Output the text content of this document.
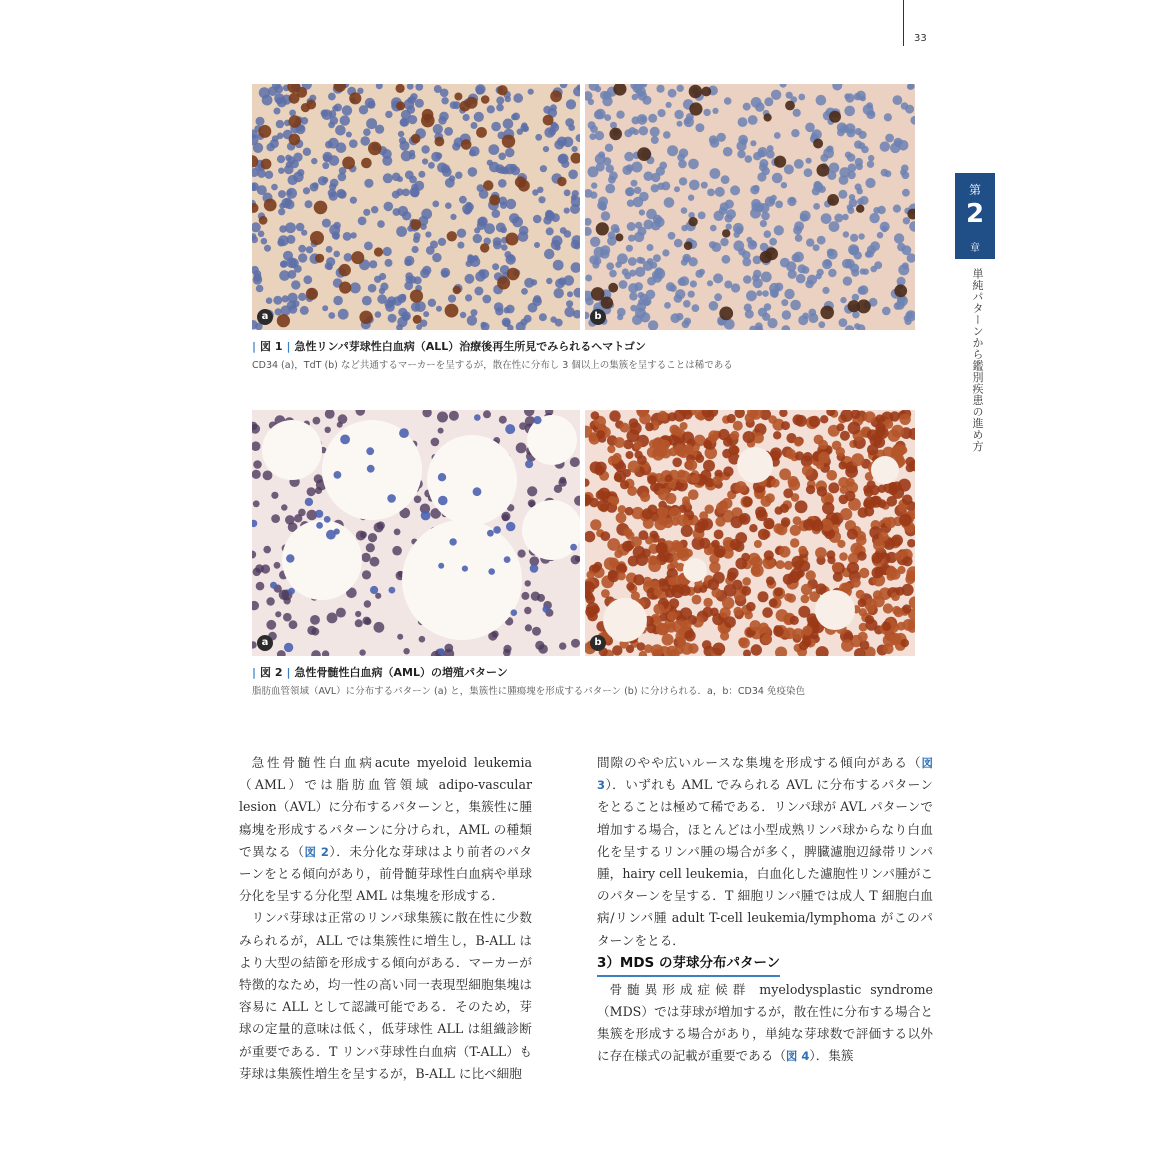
33
第
2
章
単純パターンから鑑別疾患の進め方
a	b
| 図 1 | 急性リンパ芽球性白血病（ALL）治療後再生所見でみられるヘマトゴン
CD34 (a)，TdT (b) など共通するマーカーを呈するが，散在性に分布し 3 個以上の集簇を呈することは稀である
a	b
| 図 2 | 急性骨髄性白血病（AML）の増殖パターン
脂肪血管領域（AVL）に分布するパターン (a) と，集簇性に腫瘍塊を形成するパターン (b) に分けられる．a，b：CD34 免疫染色

急性骨髄性白血病acute myeloid leukemia（AML）では脂肪血管領域 adipo-vascular lesion（AVL）に分布するパターンと，集簇性に腫瘍塊を形成するパターンに分けられ，AML の種類で異なる（図 2）．未分化な芽球はより前者のパターンをとる傾向があり，前骨髄芽球性白血病や単球分化を呈する分化型 AML は集塊を形成する．

リンパ芽球は正常のリンパ球集簇に散在性に少数みられるが，ALL では集簇性に増生し，B-ALL はより大型の結節を形成する傾向がある．マーカーが特徴的なため，均一性の高い同一表現型細胞集塊は容易に ALL として認識可能である．そのため，芽球の定量的意味は低く，低芽球性 ALL は組織診断が重要である．T リンパ芽球性白血病（T-ALL）も芽球は集簇性増生を呈するが，B-ALL に比べ細胞

間隙のやや広いルースな集塊を形成する傾向がある（図 3）．いずれも AML でみられる AVL に分布するパターンをとることは極めて稀である．リンパ球が AVL パターンで増加する場合，ほとんどは小型成熟リンパ球からなり白血化を呈するリンパ腫の場合が多く，脾臓濾胞辺縁帯リンパ腫，hairy cell leukemia，白血化した濾胞性リンパ腫がこのパターンを呈する．T 細胞リンパ腫では成人 T 細胞白血病/リンパ腫 adult T-cell leukemia/lymphoma がこのパターンをとる．

3）MDS の芽球分布パターン

骨髄異形成症候群 myelodysplastic syndrome（MDS）では芽球が増加するが，散在性に分布する場合と集簇を形成する場合があり，単純な芽球数で評価する以外に存在様式の記載が重要である（図 4）．集簇
